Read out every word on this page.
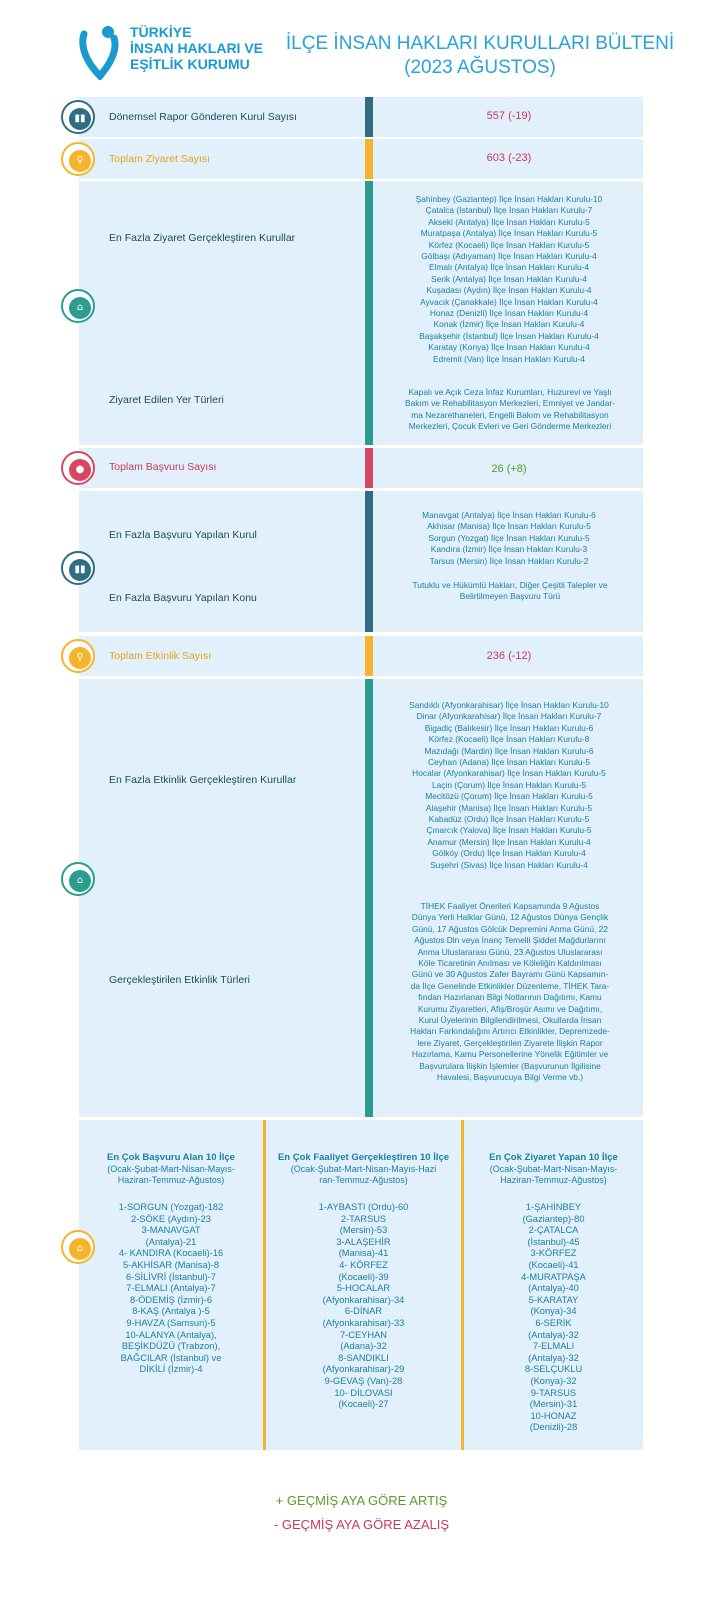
TÜRKİYE
İNSAN HAKLARI VE
EŞİTLİK KURUMU
İLÇE İNSAN HAKLARI KURULLARI BÜLTENİ
(2023 AĞUSTOS)
▮▮	Dönemsel Rapor Gönderen Kurul Sayısı	557 (-19)
⚲	Toplam Ziyaret Sayısı	603 (-23)
⌂
En Fazla Ziyaret Gerçekleştiren Kurullar
Şahinbey (Gaziantep) İlçe İnsan Hakları Kurulu-10
Çatalca (İstanbul) İlçe İnsan Hakları Kurulu-7
Akseki (Antalya) İlçe İnsan Hakları Kurulu-5
Muratpaşa (Antalya) İlçe İnsan Hakları Kurulu-5
Körfez (Kocaeli) İlçe İnsan Hakları Kurulu-5
Gölbaşı (Adıyaman) İlçe İnsan Hakları Kurulu-4
Elmalı (Antalya) İlçe İnsan Hakları Kurulu-4
Serik (Antalya) İlçe İnsan Hakları Kurulu-4
Kuşadası (Aydın) İlçe İnsan Hakları Kurulu-4
Ayvacık (Çanakkale) İlçe İnsan Hakları Kurulu-4
Honaz (Denizli) İlçe İnsan Hakları Kurulu-4
Konak (İzmir) İlçe İnsan Hakları Kurulu-4
Başakşehir (İstanbul) İlçe İnsan Hakları Kurulu-4
Karatay (Konya) İlçe İnsan Hakları Kurulu-4
Edremit (Van) İlçe İnsan Hakları Kurulu-4
Ziyaret Edilen Yer Türleri
Kapalı ve Açık Ceza İnfaz Kurumları, Huzurevi ve Yaşlı
Bakım ve Rehabilitasyon Merkezleri, Emniyet ve Jandar-
ma Nezarethaneleri, Engelli Bakım ve Rehabilitasyon
Merkezleri, Çocuk Evleri ve Geri Gönderme Merkezleri
●	Toplam Başvuru Sayısı	26 (+8)
▮▮
En Fazla Başvuru Yapılan Kurul
Manavgat (Antalya) İlçe İnsan Hakları Kurulu-6
Akhisar (Manisa) İlçe İnsan Hakları Kurulu-5
Sorgun (Yozgat) İlçe İnsan Hakları Kurulu-5
Kandıra (İzmir) İlçe İnsan Hakları Kurulu-3
Tarsus (Mersin) İlçe İnsan Hakları Kurulu-2
En Fazla Başvuru Yapılan Konu
Tutuklu ve Hükümlü Hakları, Diğer Çeşitli Talepler ve
Belirtilmeyen Başvuru Türü
⚲	Toplam Etkinlik Sayısı	236 (-12)
⌂
En Fazla Etkinlik Gerçekleştiren Kurullar
Sandıklı (Afyonkarahisar) İlçe İnsan Hakları Kurulu-10
Dinar (Afyonkarahisar) İlçe İnsan Hakları Kurulu-7
Bigadiç (Balıkesir) İlçe İnsan Hakları Kurulu-6
Körfez (Kocaeli) İlçe İnsan Hakları Kurulu-8
Mazıdağı (Mardin) İlçe İnsan Hakları Kurulu-6
Ceyhan (Adana) İlçe İnsan Hakları Kurulu-5
Hocalar (Afyonkarahisar) İlçe İnsan Hakları Kurulu-5
Laçin (Çorum) İlçe İnsan Hakları Kurulu-5
Mecitözü (Çorum) İlçe İnsan Hakları Kurulu-5
Alaşehir (Manisa) İlçe İnsan Hakları Kurulu-5
Kabadüz (Ordu) İlçe İnsan Hakları Kurulu-5
Çınarcık (Yalova) İlçe İnsan Hakları Kurulu-5
Anamur (Mersin) İlçe İnsan Hakları Kurulu-4
Gölköy (Ordu) İlçe İnsan Hakları Kurulu-4
Suşehri (Sivas) İlçe İnsan Hakları Kurulu-4
Gerçekleştirilen Etkinlik Türleri
TİHEK Faaliyet Önerileri Kapsamında 9 Ağustos
Dünya Yerli Halklar Günü, 12 Ağustos Dünya Gençlik
Günü, 17 Ağustos Gölcük Depremini Anma Günü, 22
Ağustos Din veya İnanç Temelli Şiddet Mağdurlarını
Anma Uluslararası Günü, 23 Ağustos Uluslararası
Köle Ticaretinin Anılması ve Köleliğin Kaldırılması
Günü ve 30 Ağustos Zafer Bayramı Günü Kapsamın-
da İlçe Genelinde Etkinlikler Düzenleme, TİHEK Tara-
fından Hazırlanan Bilgi Notlarının Dağıtımı, Kamu
Kurumu Ziyaretleri, Afiş/Broşür Asımı ve Dağıtımı,
Kurul Üyelerinin Bilgilendirilmesi, Okullarda İnsan
Hakları Farkındalığını Artırıcı Etkinlikler, Depremzede-
lere Ziyaret, Gerçekleştirilen Ziyarete İlişkin Rapor
Hazırlama, Kamu Personellerine Yönelik Eğitimler ve
Başvurulara İlişkin İşlemler (Başvurunun İlgilisine
Havalesi, Başvurucuya Bilgi Verme vb.)
En Çok Başvuru Alan 10 İlçe
(Ocak-Şubat-Mart-Nisan-Mayıs-
Haziran-Temmuz-Ağustos)
1-SORGUN (Yozgat)-182
2-SÖKE (Aydın)-23
3-MANAVGAT
(Antalya)-21
4- KANDIRA (Kocaeli)-16
5-AKHİSAR (Manisa)-8
6-SİLİVRİ (İstanbul)-7
7-ELMALI (Antalya)-7
8-ÖDEMİŞ (İzmir)-6
8-KAŞ (Antalya )-5
9-HAVZA (Samsun)-5
10-ALANYA (Antalya),
BEŞİKDÜZÜ (Trabzon),
BAĞCILAR (İstanbul) ve
DİKİLİ (İzmir)-4
En Çok Faaliyet Gerçekleştiren 10 İlçe
(Ocak-Şubat-Mart-Nisan-Mayıs-Hazi
ran-Temmuz-Ağustos)
1-AYBASTI (Ordu)-60
2-TARSUS
(Mersin)-53
3-ALAŞEHİR
(Manisa)-41
4- KÖRFEZ
(Kocaeli)-39
5-HOCALAR
(Afyonkarahisar)-34
6-DİNAR
(Afyonkarahisar)-33
7-CEYHAN
(Adana)-32
8-SANDIKLI
(Afyonkarahisar)-29
9-GEVAŞ (Van)-28
10- DİLOVASI
(Kocaeli)-27
En Çok Ziyaret Yapan 10 İlçe
(Ocak-Şubat-Mart-Nisan-Mayıs-
Haziran-Temmuz-Ağustos)
1-ŞAHİNBEY
(Gaziantep)-80
2-ÇATALCA
(İstanbul)-45
3-KÖRFEZ
(Kocaeli)-41
4-MURATPAŞA
(Antalya)-40
5-KARATAY
(Konya)-34
6-SERİK
(Antalya)-32
7-ELMALI
(Antalya)-32
8-SELÇUKLU
(Konya)-32
9-TARSUS
(Mersin)-31
10-HONAZ
(Denizli)-28
⌂
+ GEÇMİŞ AYA GÖRE ARTIŞ
- GEÇMİŞ AYA GÖRE AZALIŞ
